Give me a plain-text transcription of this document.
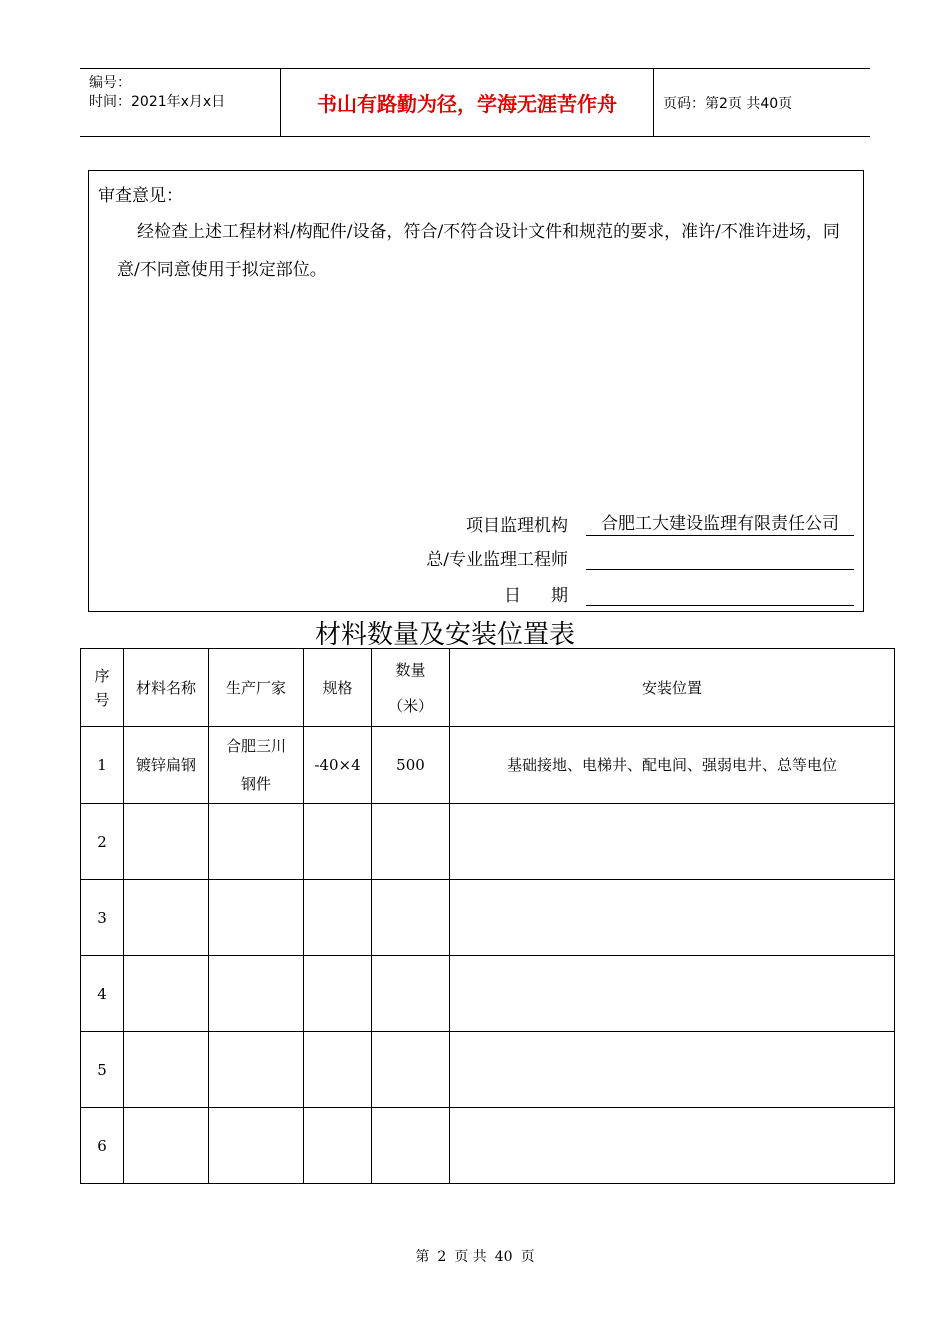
编号：
时间：2021年x月x日	书山有路勤为径，学海无涯苦作舟	页码：第2页 共40页
审查意见：
经检查上述工程材料/构配件/设备，符合/不符合设计文件和规范的要求，准许/不准许进场，同意/不同意使用于拟定部位。
项目监理机构	合肥工大建设监理有限责任公司
总/专业监理工程师

日期

材料数量及安装位置表
序号	材料名称	生产厂家	规格	数量（米）	安装位置
1	镀锌扁钢	合肥三川钢件	-40×4	500	基础接地、电梯井、配电间、强弱电井、总等电位
2					
3					
4					
5					
6					
第 2 页 共 40 页
